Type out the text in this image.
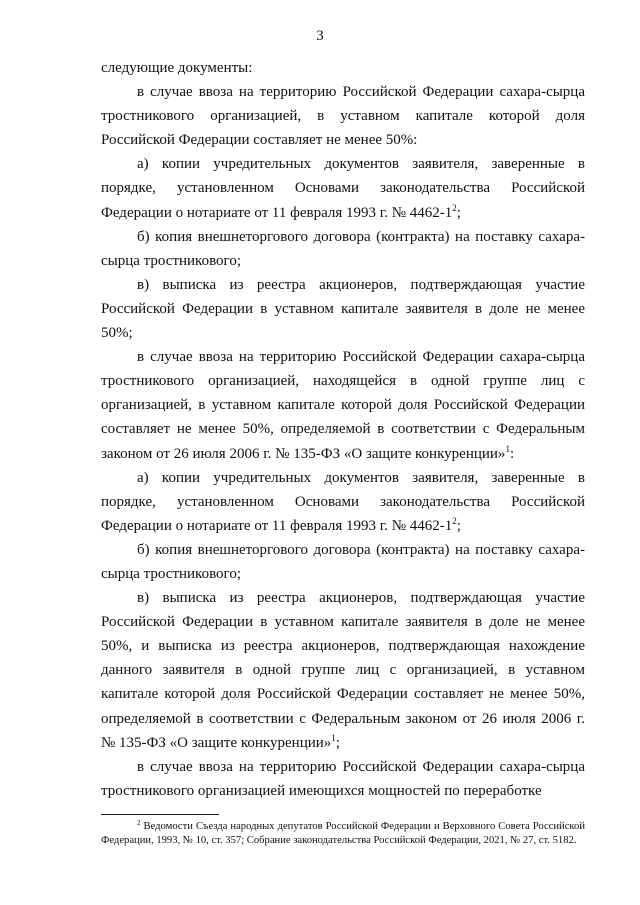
3

следующие документы:

в случае ввоза на территорию Российской Федерации сахара-сырца тростникового организацией, в уставном капитале которой доля Российской Федерации составляет не менее 50%:

а) копии учредительных документов заявителя, заверенные в порядке, установленном Основами законодательства Российской Федерации о нотариате от 11 февраля 1993 г. № $4462-1^2$;

б) копия внешнеторгового договора (контракта) на поставку сахара-сырца тростникового;

в) выписка из реестра акционеров, подтверждающая участие Российской Федерации в уставном капитале заявителя в доле не менее 50%;

в случае ввоза на территорию Российской Федерации сахара-сырца тростникового организацией, находящейся в одной группе лиц с организацией, в уставном капитале которой доля Российской Федерации составляет не менее 50%, определяемой в соответствии с Федеральным законом от 26 июля 2006 г. № 135-ФЗ «О защите конкуренции»$^1$:

а) копии учредительных документов заявителя, заверенные в порядке, установленном Основами законодательства Российской Федерации о нотариате от 11 февраля 1993 г. № $4462-1^2$;

б) копия внешнеторгового договора (контракта) на поставку сахара-сырца тростникового;

в) выписка из реестра акционеров, подтверждающая участие Российской Федерации в уставном капитале заявителя в доле не менее 50%, и выписка из реестра акционеров, подтверждающая нахождение данного заявителя в одной группе лиц с организацией, в уставном капитале которой доля Российской Федерации составляет не менее 50%, определяемой в соответствии с Федеральным законом от 26 июля 2006 г. № 135-ФЗ «О защите конкуренции»$^1$;

в случае ввоза на территорию Российской Федерации сахара-сырца тростникового организацией имеющихся мощностей по переработке

$^2$ Ведомости Съезда народных депутатов Российской Федерации и Верховного Совета Российской Федерации, 1993, № 10, ст. 357; Собрание законодательства Российской Федерации, 2021, № 27, ст. 5182.
